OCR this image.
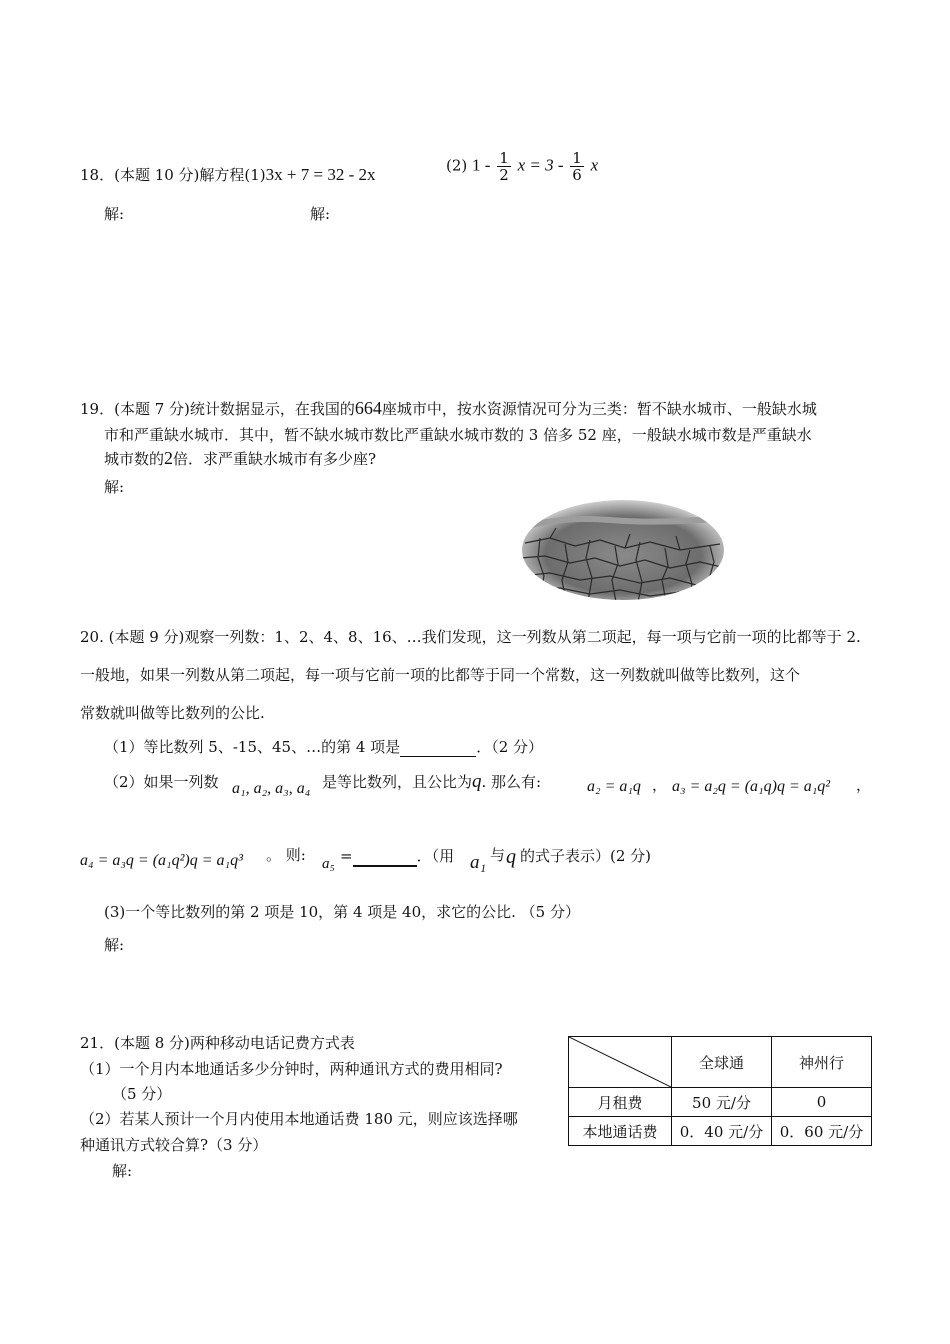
18．(本题 10 分)解方程(1)3x + 7 = 32 - 2x	(2) $1 - \frac{1}{2}$ $x = 3 - \frac{1}{6}$ x
解:	解:
19．(本题 7 分)统计数据显示，在我国的664座城市中，按水资源情况可分为三类：暂不缺水城市、一般缺水城
市和严重缺水城市．其中，暂不缺水城市数比严重缺水城市数的 3 倍多 52 座，一般缺水城市数是严重缺水
城市数的2倍．求严重缺水城市有多少座?
解:
20. (本题 9 分)观察一列数：1、2、4、8、16、…我们发现，这一列数从第二项起，每一项与它前一项的比都等于 2.
一般地，如果一列数从第二项起，每一项与它前一项的比都等于同一个常数，这一列数就叫做等比数列，这个
常数就叫做等比数列的公比.
（1）等比数列 5、-15、45、…的第 4 项是	．（2 分）
（2）如果一列数 a₁, a₂, a₃, a₄ 是等比数列，且公比为q. 那么有:	a₂ = a₁q ， a₃ = a₂q = (a₁q)q = a₁q² ，
a₄ = a₃q = (a₁q²)q = a₁q³ 。 则: a₅ =	．（用 a₁ 与 q 的式子表示）(2 分)
(3)一个等比数列的第 2 项是 10，第 4 项是 40，求它的公比. （5 分）
解:
21．(本题 8 分)两种移动电话记费方式表
（1）一个月内本地通话多少分钟时，两种通讯方式的费用相同?
（5 分）
（2）若某人预计一个月内使用本地通话费 180 元，则应该选择哪
种通讯方式较合算?（3 分）
解:
	全球通	神州行
月租费	50 元/分	0
本地通话费	0．40 元/分	0．60 元/分
